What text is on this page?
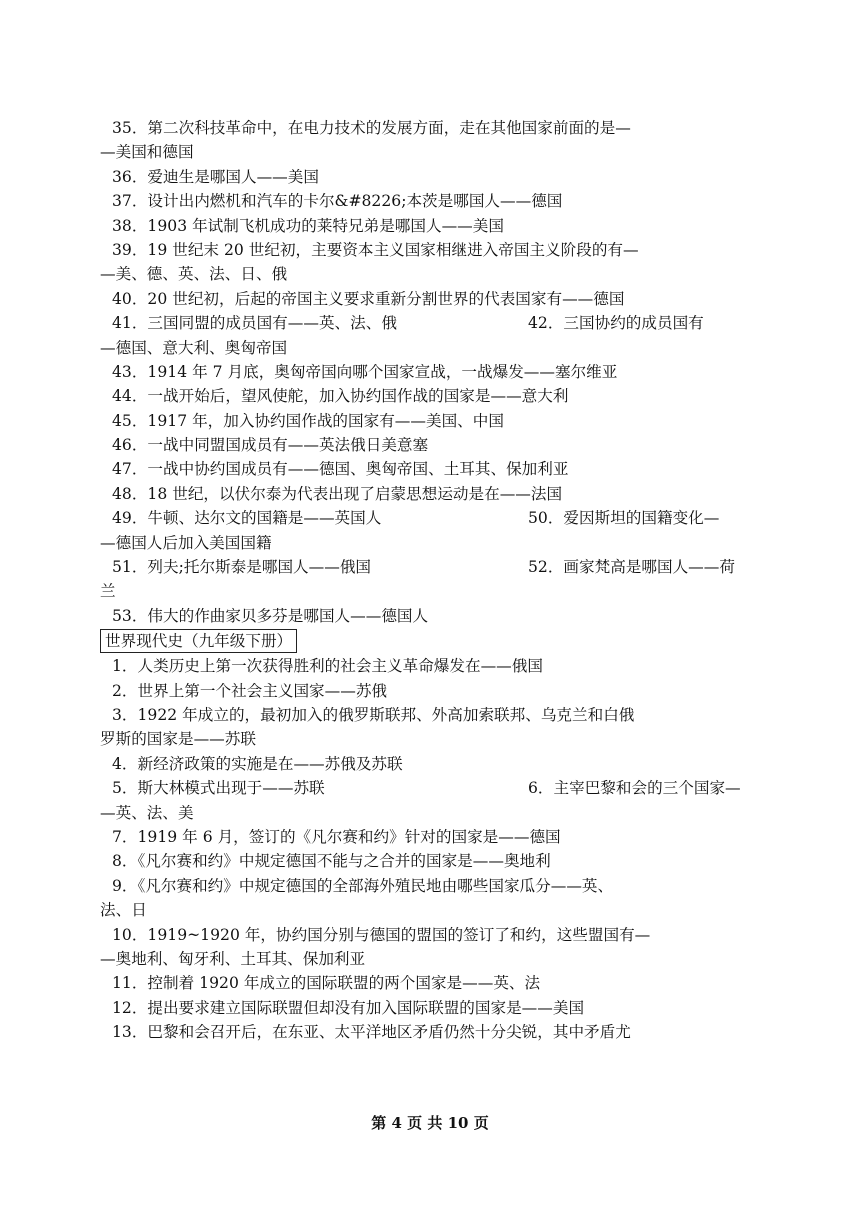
35．第二次科技革命中，在电力技术的发展方面，走在其他国家前面的是—
—美国和德国
36．爱迪生是哪国人——美国
37．设计出内燃机和汽车的卡尔&#8226;本茨是哪国人——德国
38．1903 年试制飞机成功的莱特兄弟是哪国人——美国
39．19 世纪末 20 世纪初，主要资本主义国家相继进入帝国主义阶段的有—
—美、德、英、法、日、俄
40．20 世纪初，后起的帝国主义要求重新分割世界的代表国家有——德国
41．三国同盟的成员国有——英、法、俄	42．三国协约的成员国有
—德国、意大利、奥匈帝国
43．1914 年 7 月底，奥匈帝国向哪个国家宣战，一战爆发——塞尔维亚
44．一战开始后，望风使舵，加入协约国作战的国家是——意大利
45．1917 年，加入协约国作战的国家有——美国、中国
46．一战中同盟国成员有——英法俄日美意塞
47．一战中协约国成员有——德国、奥匈帝国、土耳其、保加利亚
48．18 世纪，以伏尔泰为代表出现了启蒙思想运动是在——法国
49．牛顿、达尔文的国籍是——英国人	50．爱因斯坦的国籍变化—
—德国人后加入美国国籍
51．列夫;托尔斯泰是哪国人——俄国	52．画家梵高是哪国人——荷
兰
53．伟大的作曲家贝多芬是哪国人——德国人
世界现代史（九年级下册）
1．人类历史上第一次获得胜利的社会主义革命爆发在——俄国
2．世界上第一个社会主义国家——苏俄
3．1922 年成立的，最初加入的俄罗斯联邦、外高加索联邦、乌克兰和白俄
罗斯的国家是——苏联
4．新经济政策的实施是在——苏俄及苏联
5．斯大林模式出现于——苏联	6．主宰巴黎和会的三个国家—
—英、法、美
7．1919 年 6 月，签订的《凡尔赛和约》针对的国家是——德国
8．《凡尔赛和约》中规定德国不能与之合并的国家是——奥地利
9．《凡尔赛和约》中规定德国的全部海外殖民地由哪些国家瓜分——英、
法、日
10．1919~1920 年，协约国分别与德国的盟国的签订了和约，这些盟国有—
—奥地利、匈牙利、土耳其、保加利亚
11．控制着 1920 年成立的国际联盟的两个国家是——英、法
12．提出要求建立国际联盟但却没有加入国际联盟的国家是——美国
13．巴黎和会召开后，在东亚、太平洋地区矛盾仍然十分尖锐，其中矛盾尤
第 4 页 共 10 页
